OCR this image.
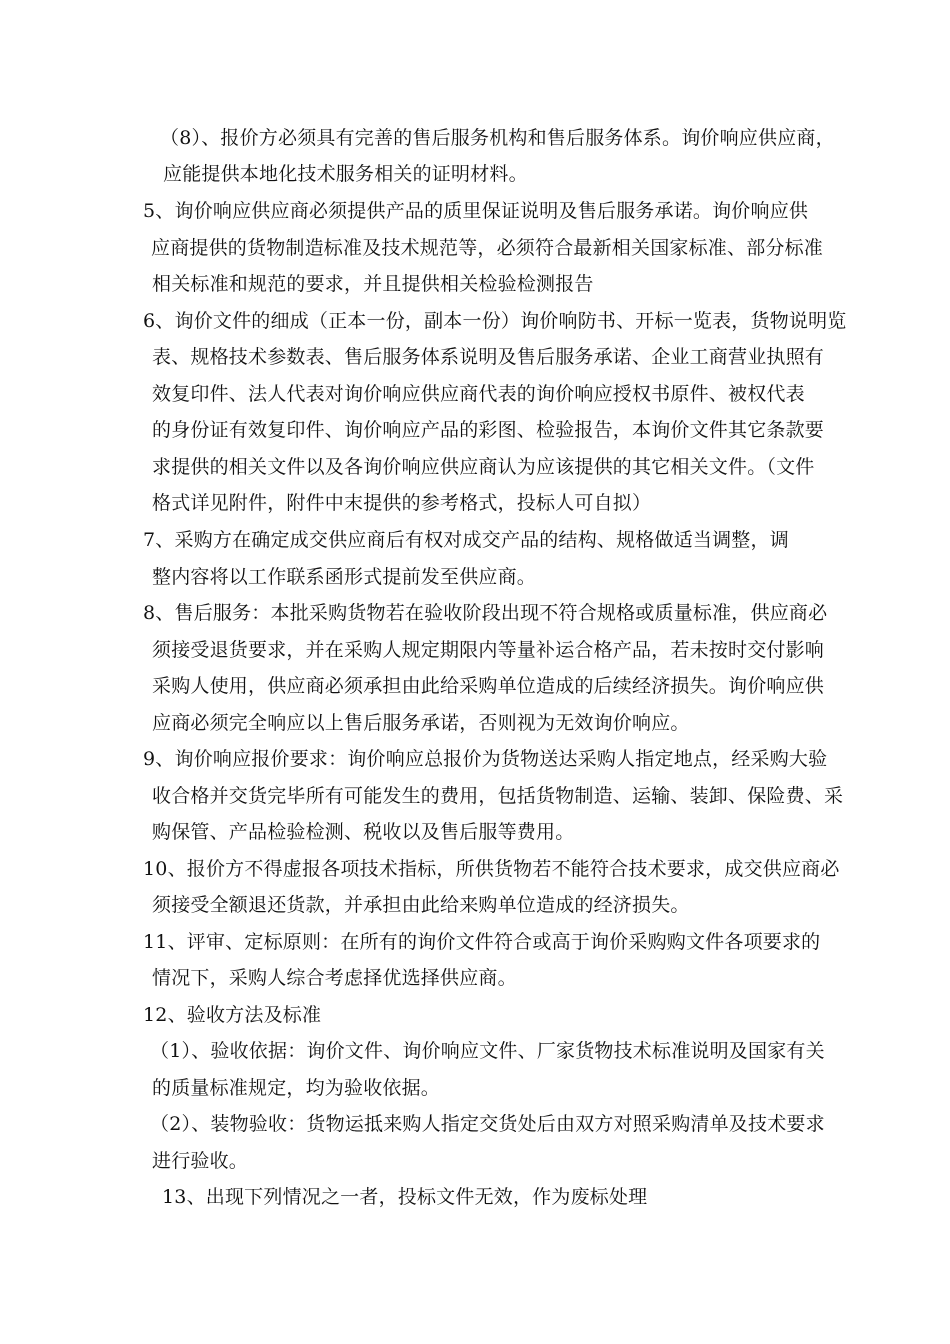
（8）、报价方必须具有完善的售后服务机构和售后服务体系。询价响应供应商，
应能提供本地化技术服务相关的证明材料。
5、询价响应供应商必须提供产品的质里保证说明及售后服务承诺。询价响应供
应商提供的货物制造标准及技术规范等，必须符合最新相关国家标准、部分标准
相关标准和规范的要求，并且提供相关检验检测报告
6、询价文件的细成（正本一份，副本一份）询价响防书、开标一览表，货物说明览
表、规格技术参数表、售后服务体系说明及售后服务承诺、企业工商营业执照有
效复印件、法人代表对询价响应供应商代表的询价响应授权书原件、被权代表
的身份证有效复印件、询价响应产品的彩图、检验报告，本询价文件其它条款要
求提供的相关文件以及各询价响应供应商认为应该提供的其它相关文件。（文件
格式详见附件，附件中末提供的参考格式，投标人可自拟）
7、采购方在确定成交供应商后有权对成交产品的结构、规格做适当调整，调
整内容将以工作联系函形式提前发至供应商。
8、售后服务：本批采购货物若在验收阶段出现不符合规格或质量标准，供应商必
须接受退货要求，并在采购人规定期限内等量补运合格产品，若未按时交付影响
采购人使用，供应商必须承担由此给采购单位造成的后续经济损失。询价响应供
应商必须完全响应以上售后服务承诺，否则视为无效询价响应。
9、询价响应报价要求：询价响应总报价为货物送达采购人指定地点，经采购大验
收合格并交货完毕所有可能发生的费用，包括货物制造、运输、装卸、保险费、采
购保管、产品检验检测、税收以及售后服等费用。
10、报价方不得虚报各项技术指标，所供货物若不能符合技术要求，成交供应商必
须接受全额退还货款，并承担由此给来购单位造成的经济损失。
11、评审、定标原则：在所有的询价文件符合或高于询价采购购文件各项要求的
情况下，采购人综合考虑择优选择供应商。
12、验收方法及标准
（1）、验收依据：询价文件、询价响应文件、厂家货物技术标准说明及国家有关
的质量标准规定，均为验收依据。
（2）、装物验收：货物运抵来购人指定交货处后由双方对照采购清单及技术要求
进行验收。
13、出现下列情况之一者，投标文件无效，作为废标处理
